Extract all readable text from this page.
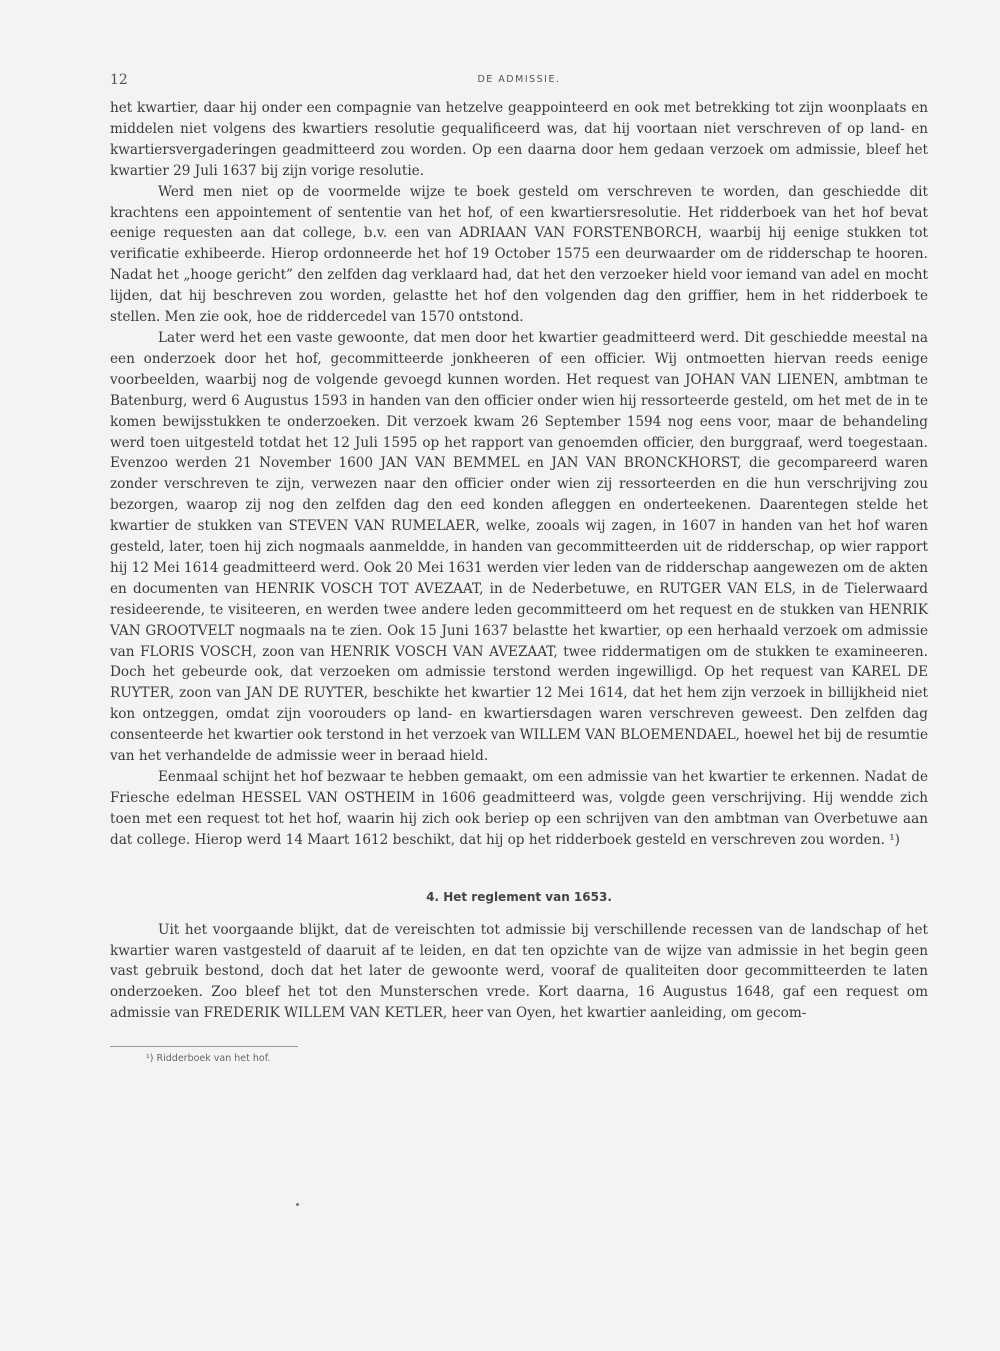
12	DE ADMISSIE.

het kwartier, daar hij onder een compagnie van hetzelve geappointeerd en ook met betrekking tot zijn woonplaats en middelen niet volgens des kwartiers resolutie gequalificeerd was, dat hij voortaan niet verschreven of op land- en kwartiersvergaderingen geadmitteerd zou worden. Op een daarna door hem gedaan verzoek om admissie, bleef het kwartier 29 Juli 1637 bij zijn vorige resolutie.

Werd men niet op de voormelde wijze te boek gesteld om verschreven te worden, dan geschiedde dit krachtens een appointement of sententie van het hof, of een kwartiersresolutie. Het ridderboek van het hof bevat eenige requesten aan dat college, b.v. een van ADRIAAN VAN FORSTENBORCH, waarbij hij eenige stukken tot verificatie exhibeerde. Hierop ordonneerde het hof 19 October 1575 een deurwaarder om de ridderschap te hooren. Nadat het „hooge gericht” den zelfden dag verklaard had, dat het den verzoeker hield voor iemand van adel en mocht lijden, dat hij beschreven zou worden, gelastte het hof den volgenden dag den griffier, hem in het ridderboek te stellen. Men zie ook, hoe de riddercedel van 1570 ontstond.

Later werd het een vaste gewoonte, dat men door het kwartier geadmitteerd werd. Dit geschiedde meestal na een onderzoek door het hof, gecommitteerde jonkheeren of een officier. Wij ontmoetten hiervan reeds eenige voorbeelden, waarbij nog de volgende gevoegd kunnen worden. Het request van JOHAN VAN LIENEN, ambtman te Batenburg, werd 6 Augustus 1593 in handen van den officier onder wien hij ressorteerde gesteld, om het met de in te komen bewijsstukken te onderzoeken. Dit verzoek kwam 26 September 1594 nog eens voor, maar de behandeling werd toen uitgesteld totdat het 12 Juli 1595 op het rapport van genoemden officier, den burggraaf, werd toegestaan. Evenzoo werden 21 November 1600 JAN VAN BEMMEL en JAN VAN BRONCKHORST, die gecompareerd waren zonder verschreven te zijn, verwezen naar den officier onder wien zij ressorteerden en die hun verschrijving zou bezorgen, waarop zij nog den zelfden dag den eed konden afleggen en onderteekenen. Daarentegen stelde het kwartier de stukken van STEVEN VAN RUMELAER, welke, zooals wij zagen, in 1607 in handen van het hof waren gesteld, later, toen hij zich nogmaals aanmeldde, in handen van gecommitteerden uit de ridderschap, op wier rapport hij 12 Mei 1614 geadmitteerd werd. Ook 20 Mei 1631 werden vier leden van de ridderschap aangewezen om de akten en documenten van HENRIK VOSCH TOT AVEZAAT, in de Nederbetuwe, en RUTGER VAN ELS, in de Tielerwaard resideerende, te visiteeren, en werden twee andere leden gecommitteerd om het request en de stukken van HENRIK VAN GROOTVELT nogmaals na te zien. Ook 15 Juni 1637 belastte het kwartier, op een herhaald verzoek om admissie van FLORIS VOSCH, zoon van HENRIK VOSCH VAN AVEZAAT, twee riddermatigen om de stukken te examineeren. Doch het gebeurde ook, dat verzoeken om admissie terstond werden ingewilligd. Op het request van KAREL DE RUYTER, zoon van JAN DE RUYTER, beschikte het kwartier 12 Mei 1614, dat het hem zijn verzoek in billijkheid niet kon ontzeggen, omdat zijn voorouders op land- en kwartiersdagen waren verschreven geweest. Den zelfden dag consenteerde het kwartier ook terstond in het verzoek van WILLEM VAN BLOEMENDAEL, hoewel het bij de resumtie van het verhandelde de admissie weer in beraad hield.

Eenmaal schijnt het hof bezwaar te hebben gemaakt, om een admissie van het kwartier te erkennen. Nadat de Friesche edelman HESSEL VAN OSTHEIM in 1606 geadmitteerd was, volgde geen verschrijving. Hij wendde zich toen met een request tot het hof, waarin hij zich ook beriep op een schrijven van den ambtman van Overbetuwe aan dat college. Hierop werd 14 Maart 1612 beschikt, dat hij op het ridderboek gesteld en verschreven zou worden. ¹)

4. Het reglement van 1653.

Uit het voorgaande blijkt, dat de vereischten tot admissie bij verschillende recessen van de landschap of het kwartier waren vastgesteld of daaruit af te leiden, en dat ten opzichte van de wijze van admissie in het begin geen vast gebruik bestond, doch dat het later de gewoonte werd, vooraf de qualiteiten door gecommitteerden te laten onderzoeken. Zoo bleef het tot den Munsterschen vrede. Kort daarna, 16 Augustus 1648, gaf een request om admissie van FREDERIK WILLEM VAN KETLER, heer van Oyen, het kwartier aanleiding, om gecom-

¹) Ridderboek van het hof.
